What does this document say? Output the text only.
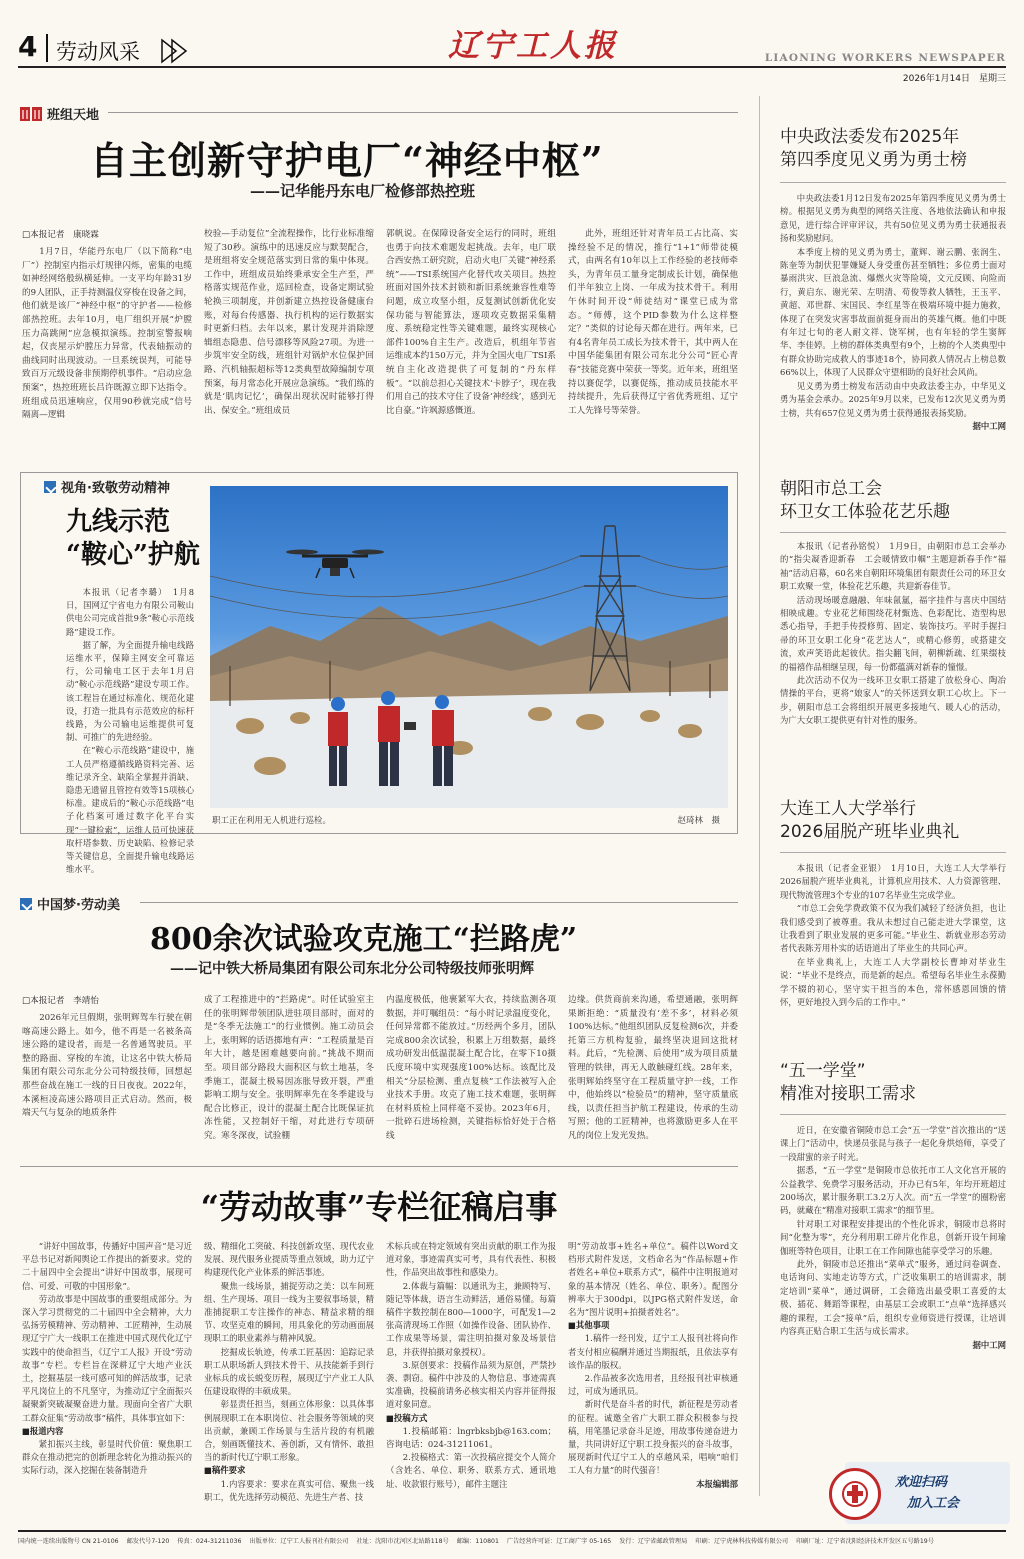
4 劳动风采	辽宁工人报	LIAONING WORKERS NEWSPAPER
2026年1月14日　 星期三
班组天地
自主创新守护电厂“神经中枢”
——记华能丹东电厂检修部热控班
□本报记者　康晓霖

1月7日，华能丹东电厂（以下简称“电厂”）控制室内指示灯规律闪烁，密集的电缆如神经网络般纵横延伸。一支平均年龄31岁的9人团队，正手持测温仪穿梭在设备之间，他们就是该厂“神经中枢”的守护者——检修部热控班。去年10月，电厂组织开展“炉膛压力高跳闸”应急模拟演练。控制室警报响起，仅丧屋示炉膛压力异常，代表轴振动的曲线同时出现波动。一旦系统误判，可能导致百万元级设备非预期停机事件。“启动应急预案”，热控班班长吕许既源立即下达指令。班组成员迅速响应，仅用90秒就完成“信号隔离—逻辑

校验—手动复位”全流程操作，比行业标准缩短了30秒。演练中的迅速反应与默契配合，是班组将安全规范落实到日常的集中体现。工作中，班组成员始终秉承安全生产至，严格落实规范作业，巡回检查，设备定期试验轮换三项制度，并创新建立热控设备健康台账，对每台传感器、执行机构的运行数据实时更新归档。去年以来，累计发现并消除逻辑组态隐患、信号漂移等风险27项。为进一步筑牢安全防线，班组针对锅炉水位保护回路、汽机轴振超标等12类典型故障编制专项预案，每月常态化开展应急演练。“我们练的就是‘肌肉记忆’，确保出现状况时能够打得出、保安全。”班组成员

郭帆说。在保障设备安全运行的同时，班组也勇于向技术难题发起挑战。去年，电厂联合西安热工研究院，启动火电厂关键“神经系统”——TSI系统国产化替代攻关项目。热控班面对国外技术封锁和新旧系统兼容性难等问题，成立攻坚小组，反复测试创新优化安保功能与智能算法，逐项攻克数据采集精度、系统稳定性等关键难题，最终实现核心部件100%自主生产。改造后，机组年节省运维成本约150万元，并为全国火电厂TSI系统自主化改造提供了可复制的“丹东样板”。“以前总担心关键技术‘卡脖子’，现在我们用自己的技术守住了设备‘神经线’，感到无比自豪。”许飒源感慨道。

此外，班组还针对青年员工占比高、实操经验不足的情况，推行“1+1”师带徒模式，由两名有10年以上工作经验的老技师牵头，为青年员工量身定制成长计划，确保他们半年独立上岗、一年成为技术骨干。利用午休时间开设“师徒结对”课堂已成为常态。“师傅，这个PID参数为什么这样整定？”类似的讨论每天都在进行。两年来，已有4名青年员工成长为技术骨干，其中两人在中国华能集团有限公司东北分公司“匠心青春”技能竞赛中荣获一等奖。近年来，班组坚持以赛促学，以赛促练，推动成员技能水平持续提升，先后获得辽宁省优秀班组、辽宁工人先锋号等荣誉。

中央政法委发布2025年
第四季度见义勇为勇士榜

中央政法委1月12日发布2025年第四季度见义勇为勇士榜。根据见义勇为典型的网络关注度、各地依法确认和申报意见，进行综合评审评议，共有50位见义勇为勇士获通报表扬和奖励慰问。

本季度上榜的见义勇为勇士，董辉、谢云鹏、张润生、陈奎等为制伏犯罪嫌疑人身受重伤甚至牺牲；多位勇士面对暴雨洪灾、巨浪急流、爆燃火灾等险境，文元反顾、向险而行，黄启东、谢光荣、左明清、苟俊等救人牺牲，王玉平、黄超、邓世群、宋国民、李红星等在极端环境中挺力施救，体现了在突发灾害事故面前挺身而出的英雄气概。他们中既有年过七旬的老人耐文祥、饶军树，也有年轻的学生窦辉华、李佳婷。上榜的群体类典型有9个，上榜的个人类典型中有群众协助完成救人的事迹18个，协同救人情况占上榜总数66%以上，体现了人民群众守望相助的良好社会风尚。

见义勇为勇士榜发布活动由中央政法委主办，中华见义勇为基金会承办。2025年9月以来，已发布12次见义勇为勇士榜，共有657位见义勇为勇士获得通报表扬奖励。

据中工网
视角·致敬劳动精神
九线示范
“鞍心”护航

本报讯（记者李璐）　1月8日，国网辽宁省电力有限公司鞍山供电公司完成首批9条“鞍心示范线路”建设工作。

据了解，为全面提升输电线路运维水平，保障主网安全可靠运行，公司输电工区于去年1月启动“鞍心示范线路”建设专项工作。该工程旨在通过标准化、规范化建设，打造一批具有示范效应的标杆线路，为公司输电运维提供可复制、可推广的先进经验。

在“鞍心示范线路”建设中，施工人员严格遵循线路资料完善、运维记录齐全、缺陷全掌握并消缺、隐患无遗留且管控有效等15项核心标准。建成后的“鞍心示范线路”电子化档案可通过数字化平台实现“一键检索”，运维人员可快速获取杆塔参数、历史缺陷、检修记录等关键信息，全面提升输电线路运维水平。

职工正在利用无人机进行巡检。	赵琦林　摄
朝阳市总工会
环卫女工体验花艺乐趣

本报讯（记者孙铭悦）　1月9日，由朝阳市总工会举办的“指尖凝香迎新春　工会暖情致巾帼”主题迎新春手作“福袖”活动启幕，60名来自朝阳环境集团有限责任公司的环卫女职工欢聚一堂，体验花艺乐趣，共迎新春佳节。

活动现场暖意融融、年味氤氲，福字挂件与喜庆中国结相映成趣。专业花艺师围绕花材甄选、色彩配比、造型构思悉心指导，手把手传授修剪、固定、装饰技巧。平时手握扫帚的环卫女职工化身“花艺达人”，或精心修剪，或搭建交流，欢声笑语此起彼伏。指尖翻飞间，朝柳新疏、红果缀枝的福禧作品相继呈现，每一份都蕴满对新春的憧憬。

此次活动不仅为一线环卫女职工搭建了放松身心、陶冶情操的平台，更将“娘家人”的关怀送到女职工心坎上。下一步，朝阳市总工会将组织开展更多接地气、暖人心的活动，为广大女职工提供更有针对性的服务。

大连工人大学举行
2026届脱产班毕业典礼

本报讯（记者金亚银）　1月10日，大连工人大学举行2026届脱产班毕业典礼，计算机应用技术、人力资源管理、现代物流管理3个专业的107名毕业生完成学业。

“市总工会免学费政策不仅为我们减轻了经济负担，也让我们感受到了被尊重。我从未想过自己能走进大学课堂，这让我看到了职业发展的更多可能。”毕业生、新就业形态劳动者代表陈芳用朴实的话语道出了毕业生的共同心声。

在毕业典礼上，大连工人大学副校长曹坤对毕业生说：“毕业不是终点，而是新的起点。希望每名毕业生永葆勤学不辍的初心，坚守实干担当的本色，常怀感恩回馈的情怀，更好地投入到今后的工作中。”

中国梦·劳动美
800余次试验攻克施工“拦路虎”
——记中铁大桥局集团有限公司东北分公司特级技师张明辉
□本报记者　李靖怡

2026年元旦假期，张明辉驾车行驶在朝喀高速公路上。如今，他不再是一名被条高速公路的建设者，而是一名普通驾驶员。平整的路面、穿梭的车流，让这名中铁大桥局集团有限公司东北分公司特级技师，回想起那些奋战在施工一线的日日夜夜。2022年，本溪桓凌高速公路项目正式启动。然而，极端天气与复杂的地质条件

成了工程推进中的“拦路虎”。时任试验室主任的张明辉带领团队进驻项目部时，面对的是“冬季无法施工”的行业惯例。施工动员会上，张明辉的话语掷地有声：“工程质量是百年大计，越是困难越要向前。”挑战不期而至。项目部分路段大面积区与软土地基，冬季施工，混凝土极易因冻胀导致开裂，严重影响工期与安全。张明辉率先在冬季建设与配合比修正，设计的混凝土配合比既保证抗冻性能，又控制好干缩，对此进行专项研究。寒冬深夜，试验棚

内温度极低，他裹紧军大衣，持续监测各项数据，并叮嘱组员：“每小时记录温度变化，任何异常都不能放过。”历经两个多月，团队完成800余次试验，积累上万组数据，最终成功研发出低温混凝土配合比，在零下10摄氏度环境中实现强度100%达标。该配比及相关“分层检测、重点复核”工作法被写入企业技术手册。攻克了施工技术难题，张明辉在材料质检上同样毫不妥协。2023年6月，一批碎石进场检测，关键指标恰好处于合格线

边缘。供货商前来沟通，希望通融，张明辉果断拒绝：“质量没有‘差不多’，材料必须100%达标。”他组织团队反复检测6次，并委托第三方机构复验，最终坚决退回这批材料。此后，“先检测、后使用”成为项目质量管理的铁律，再无人敢触碰红线。28年来，张明辉始终坚守在工程质量守护一线，工作中，他始终以“检验员”的精神，坚守质量底线，以责任担当护航工程建设，传承的生动写照；他的工匠精神，也将激励更多人在平凡的岗位上发光发热。

“五一学堂”
精准对接职工需求

近日，在安徽省铜陵市总工会“五一学堂”首次推出的“送课上门”活动中，快递员张昆与孩子一起化身烘焙师，享受了一段甜蜜的亲子时光。

据悉，“五一学堂”是铜陵市总依托市工人文化宫开展的公益教学、免费学习服务活动，开办已有5年，年均开班超过200场次，累计服务职工3.2万人次。而“五一学堂”的圈粉密码，就藏在“精准对接职工需求”的细节里。

针对职工对课程安排提出的个性化诉求，铜陵市总将时间“化整为零”，充分利用职工碎片化作息，创新开设午间瑜伽班等特色项目，让职工在工作间隙也能享受学习的乐趣。

此外，铜陵市总还推出“菜单式”服务，通过问卷调查、电话询问、实地走访等方式，广泛收集职工的培训需求，制定培训“菜单”，通过调研，工会筛选出最受职工喜爱的太极、插花、舞蹈等课程，由基层工会或职工“点单”选择感兴趣的课程，工会“接单”后，组织专业师资进行授课，让培训内容真正贴合职工生活与成长需求。

据中工网
“劳动故事”专栏征稿启事

“讲好中国故事，传播好中国声音”是习近平总书记对新闻舆论工作提出的新要求。党的二十届四中全会提出“讲好中国故事，展现可信、可爱、可敬的中国形象”。

劳动故事是中国故事的重要组成部分。为深入学习贯彻党的二十届四中全会精神，大力弘扬劳模精神、劳动精神、工匠精神，生动展现辽宁广大一线职工在推进中国式现代化辽宁实践中的使命担当，《辽宁工人报》开设“劳动故事”专栏。专栏旨在深耕辽宁大地产业沃土，挖掘基层一线可感可知的鲜活故事，记录平凡岗位上的不凡坚守，为推动辽宁全面振兴凝聚新突破凝聚奋进力量。现面向全省广大职工群众征集“劳动故事”稿件，具体事宜如下：

■报道内容

紧扣振兴主线，彰显时代价值：聚焦职工群众在推动把完的创新理念转化为推动振兴的实际行动，深入挖掘在装备制造升

级、精细化工突破、科技创新攻坚、现代农业发展、现代服务业提质等重点领域，助力辽宁构建现代化产业体系的鲜活事迹。

聚焦一线场景，捕捉劳动之美：以车间班组、生产现场、项目一线为主要叙事场景，精准捕捉职工专注操作的神态、精益求精的细节、攻坚克难的瞬间，用具象化的劳动画面展现职工的职业素养与精神风貌。

挖掘成长轨迹，传承工匠基因：追踪记录职工从职场新人到技术骨干、从技能新手到行业标兵的成长蜕变历程，展现辽宁产业工人队伍建设取得的丰硕成果。

彰显责任担当，刻画立体形象：以具体事例展现职工在本职岗位、社会服务等领域的突出贡献，兼顾工作场景与生活片段的有机融合，刻画既懂技术、善创新，又有情怀、敢担当的新时代辽宁职工形象。

■稿件要求

1.内容要求：要求在真实可信、聚焦一线职工，优先选择劳动模范、先进生产者、技

术标兵或在特定领域有突出贡献的职工作为报道对象，事迹需真实可考，具有代表性、积极性，作品突出故事性和感染力。

2.体裁与篇幅：以通讯为主，兼顾特写、随记等体裁，语言生动鲜活，通俗易懂。每篇稿件字数控制在800—1000字，可配发1—2张高清现场工作照（如操作设备、团队协作、工作成果等场景，需注明拍摄对象及场景信息，并获得拍摄对象授权）。

3.原创要求：投稿作品须为原创，严禁抄袭、剽窃。稿件中涉及的人物信息、事迹需真实准确，投稿前请务必核实相关内容并征得报道对象同意。

■投稿方式

1.投稿邮箱：lngrbksbjb@163.com；咨询电话：024-31211061。

2.投稿格式：第一次投稿应提交个人简介（含姓名、单位、职务、联系方式、通讯地址、收款银行账号），邮件主题注

明“劳动故事+姓名+单位”。稿件以Word文档形式附件发送，文档命名为“作品标题+作者姓名+单位+联系方式”，稿件中注明报道对象的基本情况（姓名、单位、职务）。配图分辨率大于300dpi，以JPG格式附件发送，命名为“图片说明+拍摄者姓名”。

■其他事项

1.稿件一经刊发，辽宁工人报刊社将向作者支付相应稿酬并通过当期报纸，且依法享有该作品的版权。

2.作品被多次选用者，且经报刊社审核通过，可成为通讯员。

新时代是奋斗者的时代，新征程是劳动者的征程。诚邀全省广大职工群众积极参与投稿，用笔墨记录奋斗足迹，用故事传递奋进力量，共同讲好辽宁职工投身振兴的奋斗故事，展现新时代辽宁工人的卓越风采，唱响“咱们工人有力量”的时代强音！

本报编辑部	欢迎扫码
加入工会
国内统一连续出版物号 CN 21-0106 邮发代号7-120 传真：024-31211036 出版单位：辽宁工人报刊社有限公司 社址：沈阳市沈河区北站路118号 邮编：110801 广告经营许可证：辽工商广字 05-165 发行：辽宁省邮政管理局 印刷：辽宁虎林科技传媒有限公司 印刷厂址：辽宁省沈阳经济技术开发区五号路19号
